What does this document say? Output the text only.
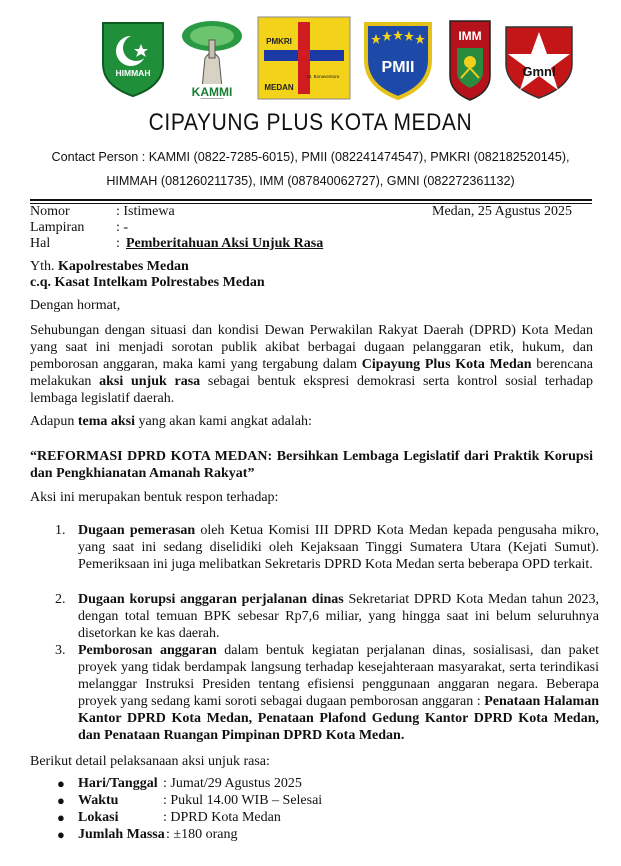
HIMMAH
KAMMI
PMKRI
St. Bonaventura
MEDAN
PMII
IMM
GmnI
CIPAYUNG PLUS KOTA MEDAN
Contact Person : KAMMI (0822-7285-6015), PMII (082241474547), PMKRI (082182520145),
HIMMAH (081260211735), IMM (087840062727), GMNI (082272361132)
Nomor	: Istimewa	Medan, 25 Agustus 2025
Lampiran : -
Hal	: Pemberitahuan Aksi Unjuk Rasa
Yth. Kapolrestabes Medan
c.q. Kasat Intelkam Polrestabes Medan
Dengan hormat,
Sehubungan dengan situasi dan kondisi Dewan Perwakilan Rakyat Daerah (DPRD) Kota Medan yang saat ini menjadi sorotan publik akibat berbagai dugaan pelanggaran etik, hukum, dan pemborosan anggaran, maka kami yang tergabung dalam Cipayung Plus Kota Medan berencana melakukan aksi unjuk rasa sebagai bentuk ekspresi demokrasi serta kontrol sosial terhadap lembaga legislatif daerah.
Adapun tema aksi yang akan kami angkat adalah:
“REFORMASI DPRD KOTA MEDAN: Bersihkan Lembaga Legislatif dari Praktik Korupsi dan Pengkhianatan Amanah Rakyat”
Aksi ini merupakan bentuk respon terhadap:
1. Dugaan pemerasan oleh Ketua Komisi III DPRD Kota Medan kepada pengusaha mikro, yang saat ini sedang diselidiki oleh Kejaksaan Tinggi Sumatera Utara (Kejati Sumut). Pemeriksaan ini juga melibatkan Sekretaris DPRD Kota Medan serta beberapa OPD terkait.
2. Dugaan korupsi anggaran perjalanan dinas Sekretariat DPRD Kota Medan tahun 2023, dengan total temuan BPK sebesar Rp7,6 miliar, yang hingga saat ini belum seluruhnya disetorkan ke kas daerah.
3. Pemborosan anggaran dalam bentuk kegiatan perjalanan dinas, sosialisasi, dan paket proyek yang tidak berdampak langsung terhadap kesejahteraan masyarakat, serta terindikasi melanggar Instruksi Presiden tentang efisiensi penggunaan anggaran negara. Beberapa proyek yang sedang kami soroti sebagai dugaan pemborosan anggaran : Penataan Halaman Kantor DPRD Kota Medan, Penataan Plafond Gedung Kantor DPRD Kota Medan, dan Penataan Ruangan Pimpinan DPRD Kota Medan.
Berikut detail pelaksanaan aksi unjuk rasa:
● Hari/Tanggal : Jumat/29 Agustus 2025
● Waktu	: Pukul 14.00 WIB – Selesai
● Lokasi	: DPRD Kota Medan
● Jumlah Massa : ±180 orang
